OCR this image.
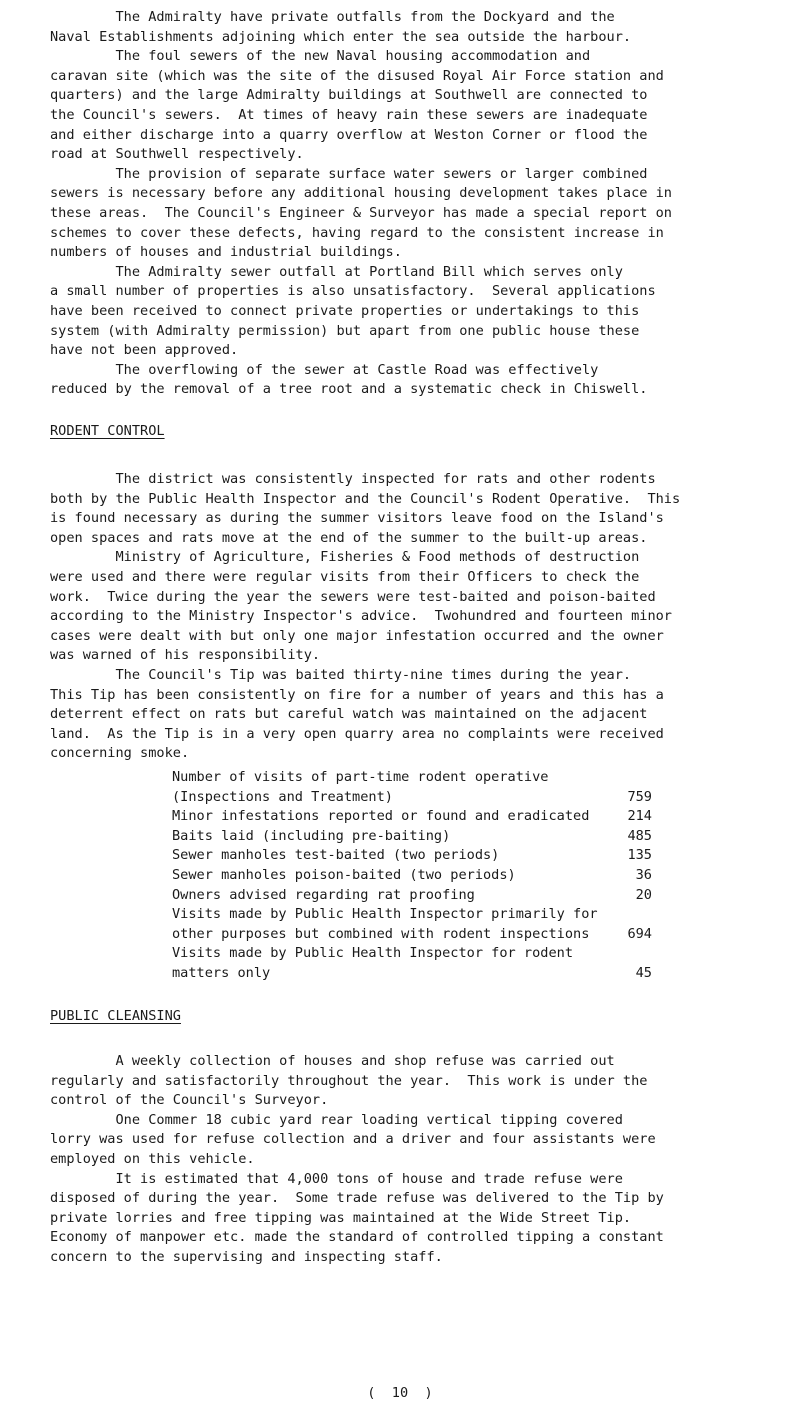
The Admiralty have private outfalls from the Dockyard and the
Naval Establishments adjoining which enter the sea outside the harbour.
The foul sewers of the new Naval housing accommodation and
caravan site (which was the site of the disused Royal Air Force station and
quarters) and the large Admiralty buildings at Southwell are connected to
the Council's sewers.  At times of heavy rain these sewers are inadequate
and either discharge into a quarry overflow at Weston Corner or flood the
road at Southwell respectively.
The provision of separate surface water sewers or larger combined
sewers is necessary before any additional housing development takes place in
these areas.  The Council's Engineer & Surveyor has made a special report on
schemes to cover these defects, having regard to the consistent increase in
numbers of houses and industrial buildings.
The Admiralty sewer outfall at Portland Bill which serves only
a small number of properties is also unsatisfactory.  Several applications
have been received to connect private properties or undertakings to this
system (with Admiralty permission) but apart from one public house these
have not been approved.
The overflowing of the sewer at Castle Road was effectively
reduced by the removal of a tree root and a systematic check in Chiswell.
RODENT CONTROL
The district was consistently inspected for rats and other rodents
both by the Public Health Inspector and the Council's Rodent Operative.  This
is found necessary as during the summer visitors leave food on the Island's
open spaces and rats move at the end of the summer to the built-up areas.
Ministry of Agriculture, Fisheries & Food methods of destruction
were used and there were regular visits from their Officers to check the
work.  Twice during the year the sewers were test-baited and poison-baited
according to the Ministry Inspector's advice.  Twohundred and fourteen minor
cases were dealt with but only one major infestation occurred and the owner
was warned of his responsibility.
The Council's Tip was baited thirty-nine times during the year.
This Tip has been consistently on fire for a number of years and this has a
deterrent effect on rats but careful watch was maintained on the adjacent
land.  As the Tip is in a very open quarry area no complaints were received
concerning smoke.
Number of visits of part-time rodent operative
(Inspections and Treatment)	759
Minor infestations reported or found and eradicated	214
Baits laid (including pre-baiting)	485
Sewer manholes test-baited (two periods)	135
Sewer manholes poison-baited (two periods)	36
Owners advised regarding rat proofing	20
Visits made by Public Health Inspector primarily for
other purposes but combined with rodent inspections	694
Visits made by Public Health Inspector for rodent
matters only	45
PUBLIC CLEANSING
A weekly collection of houses and shop refuse was carried out
regularly and satisfactorily throughout the year.  This work is under the
control of the Council's Surveyor.
One Commer 18 cubic yard rear loading vertical tipping covered
lorry was used for refuse collection and a driver and four assistants were
employed on this vehicle.
It is estimated that 4,000 tons of house and trade refuse were
disposed of during the year.  Some trade refuse was delivered to the Tip by
private lorries and free tipping was maintained at the Wide Street Tip.
Economy of manpower etc. made the standard of controlled tipping a constant
concern to the supervising and inspecting staff.
(  10  )
